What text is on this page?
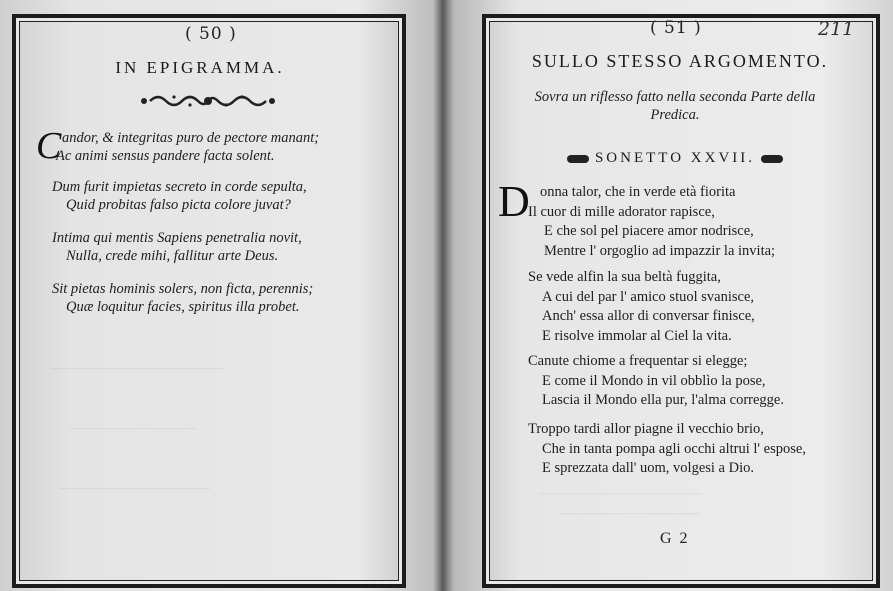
( 50 )
IN EPIGRAMMA.
C andor, & integritas puro de pectore manant;
Ac animi sensus pandere facta solent.
Dum furit impietas secreto in corde sepulta,
Quid probitas falso picta colore juvat?
Intima qui mentis Sapiens penetralia novit,
Nulla, crede mihi, fallitur arte Deus.
Sit pietas hominis solers, non ficta, perennis;
Quæ loquitur facies, spiritus illa probet.
———————————————
———————————
—————————————
( 51 )	211
SULLO STESSO ARGOMENTO.
Sovra un riflesso fatto nella seconda Parte della
Predica.
SONETTO XXVII.
D onna talor, che in verde età fiorita
Il cuor di mille adorator rapisce,
E che sol pel piacere amor nodrisce,
Mentre l' orgoglio ad impazzir la invita;
Se vede alfin la sua beltà fuggita,
A cui del par l' amico stuol svanisce,
Anch' essa allor di conversar finisce,
E risolve immolar al Ciel la vita.
Canute chiome a frequentar si elegge;
E come il Mondo in vil obblìo la pose,
Lascia il Mondo ella pur, l'alma corregge.
Troppo tardi allor piagne il vecchio brio,
Che in tanta pompa agli occhi altrui l' espose,
E sprezzata dall' uom, volgesi a Dio.
——————————————
————————————
G 2
